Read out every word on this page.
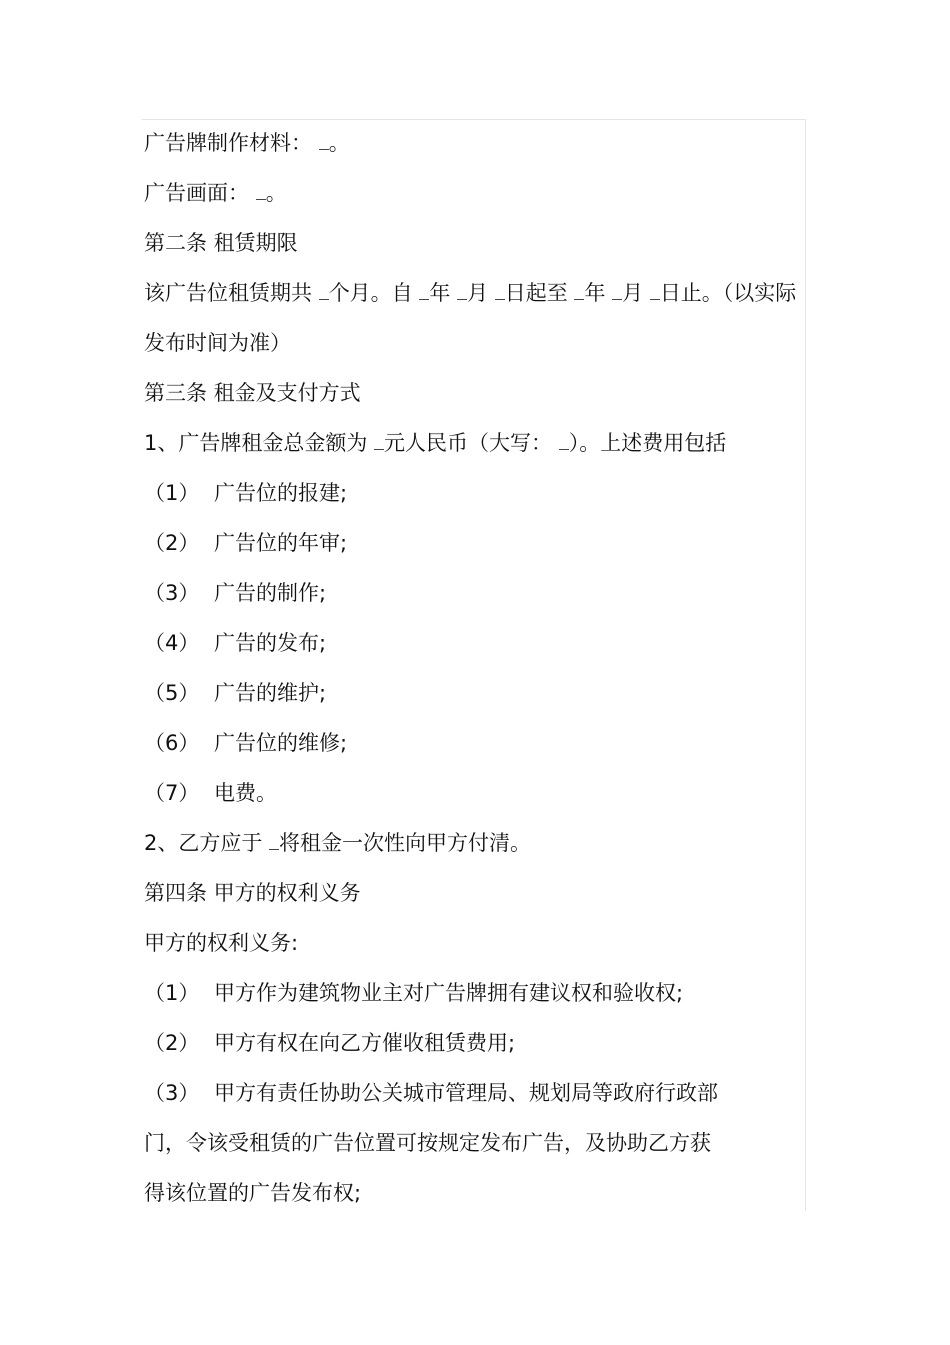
广告牌制作材料： 。
广告画面： 。
第二条 租赁期限
该广告位租赁期共 个月。自 年 月 日起至 年 月 日止。（以实际
发布时间为准）
第三条 租金及支付方式
1、广告牌租金总金额为 元人民币（大写： ）。上述费用包括
（1） 广告位的报建;
（2） 广告位的年审;
（3） 广告的制作;
（4） 广告的发布;
（5） 广告的维护;
（6） 广告位的维修;
（7） 电费。
2、乙方应于 将租金一次性向甲方付清。
第四条 甲方的权利义务
甲方的权利义务:
（1） 甲方作为建筑物业主对广告牌拥有建议权和验收权;
（2） 甲方有权在向乙方催收租赁费用;
（3） 甲方有责任协助公关城市管理局、规划局等政府行政部
门，令该受租赁的广告位置可按规定发布广告，及协助乙方获
得该位置的广告发布权;
